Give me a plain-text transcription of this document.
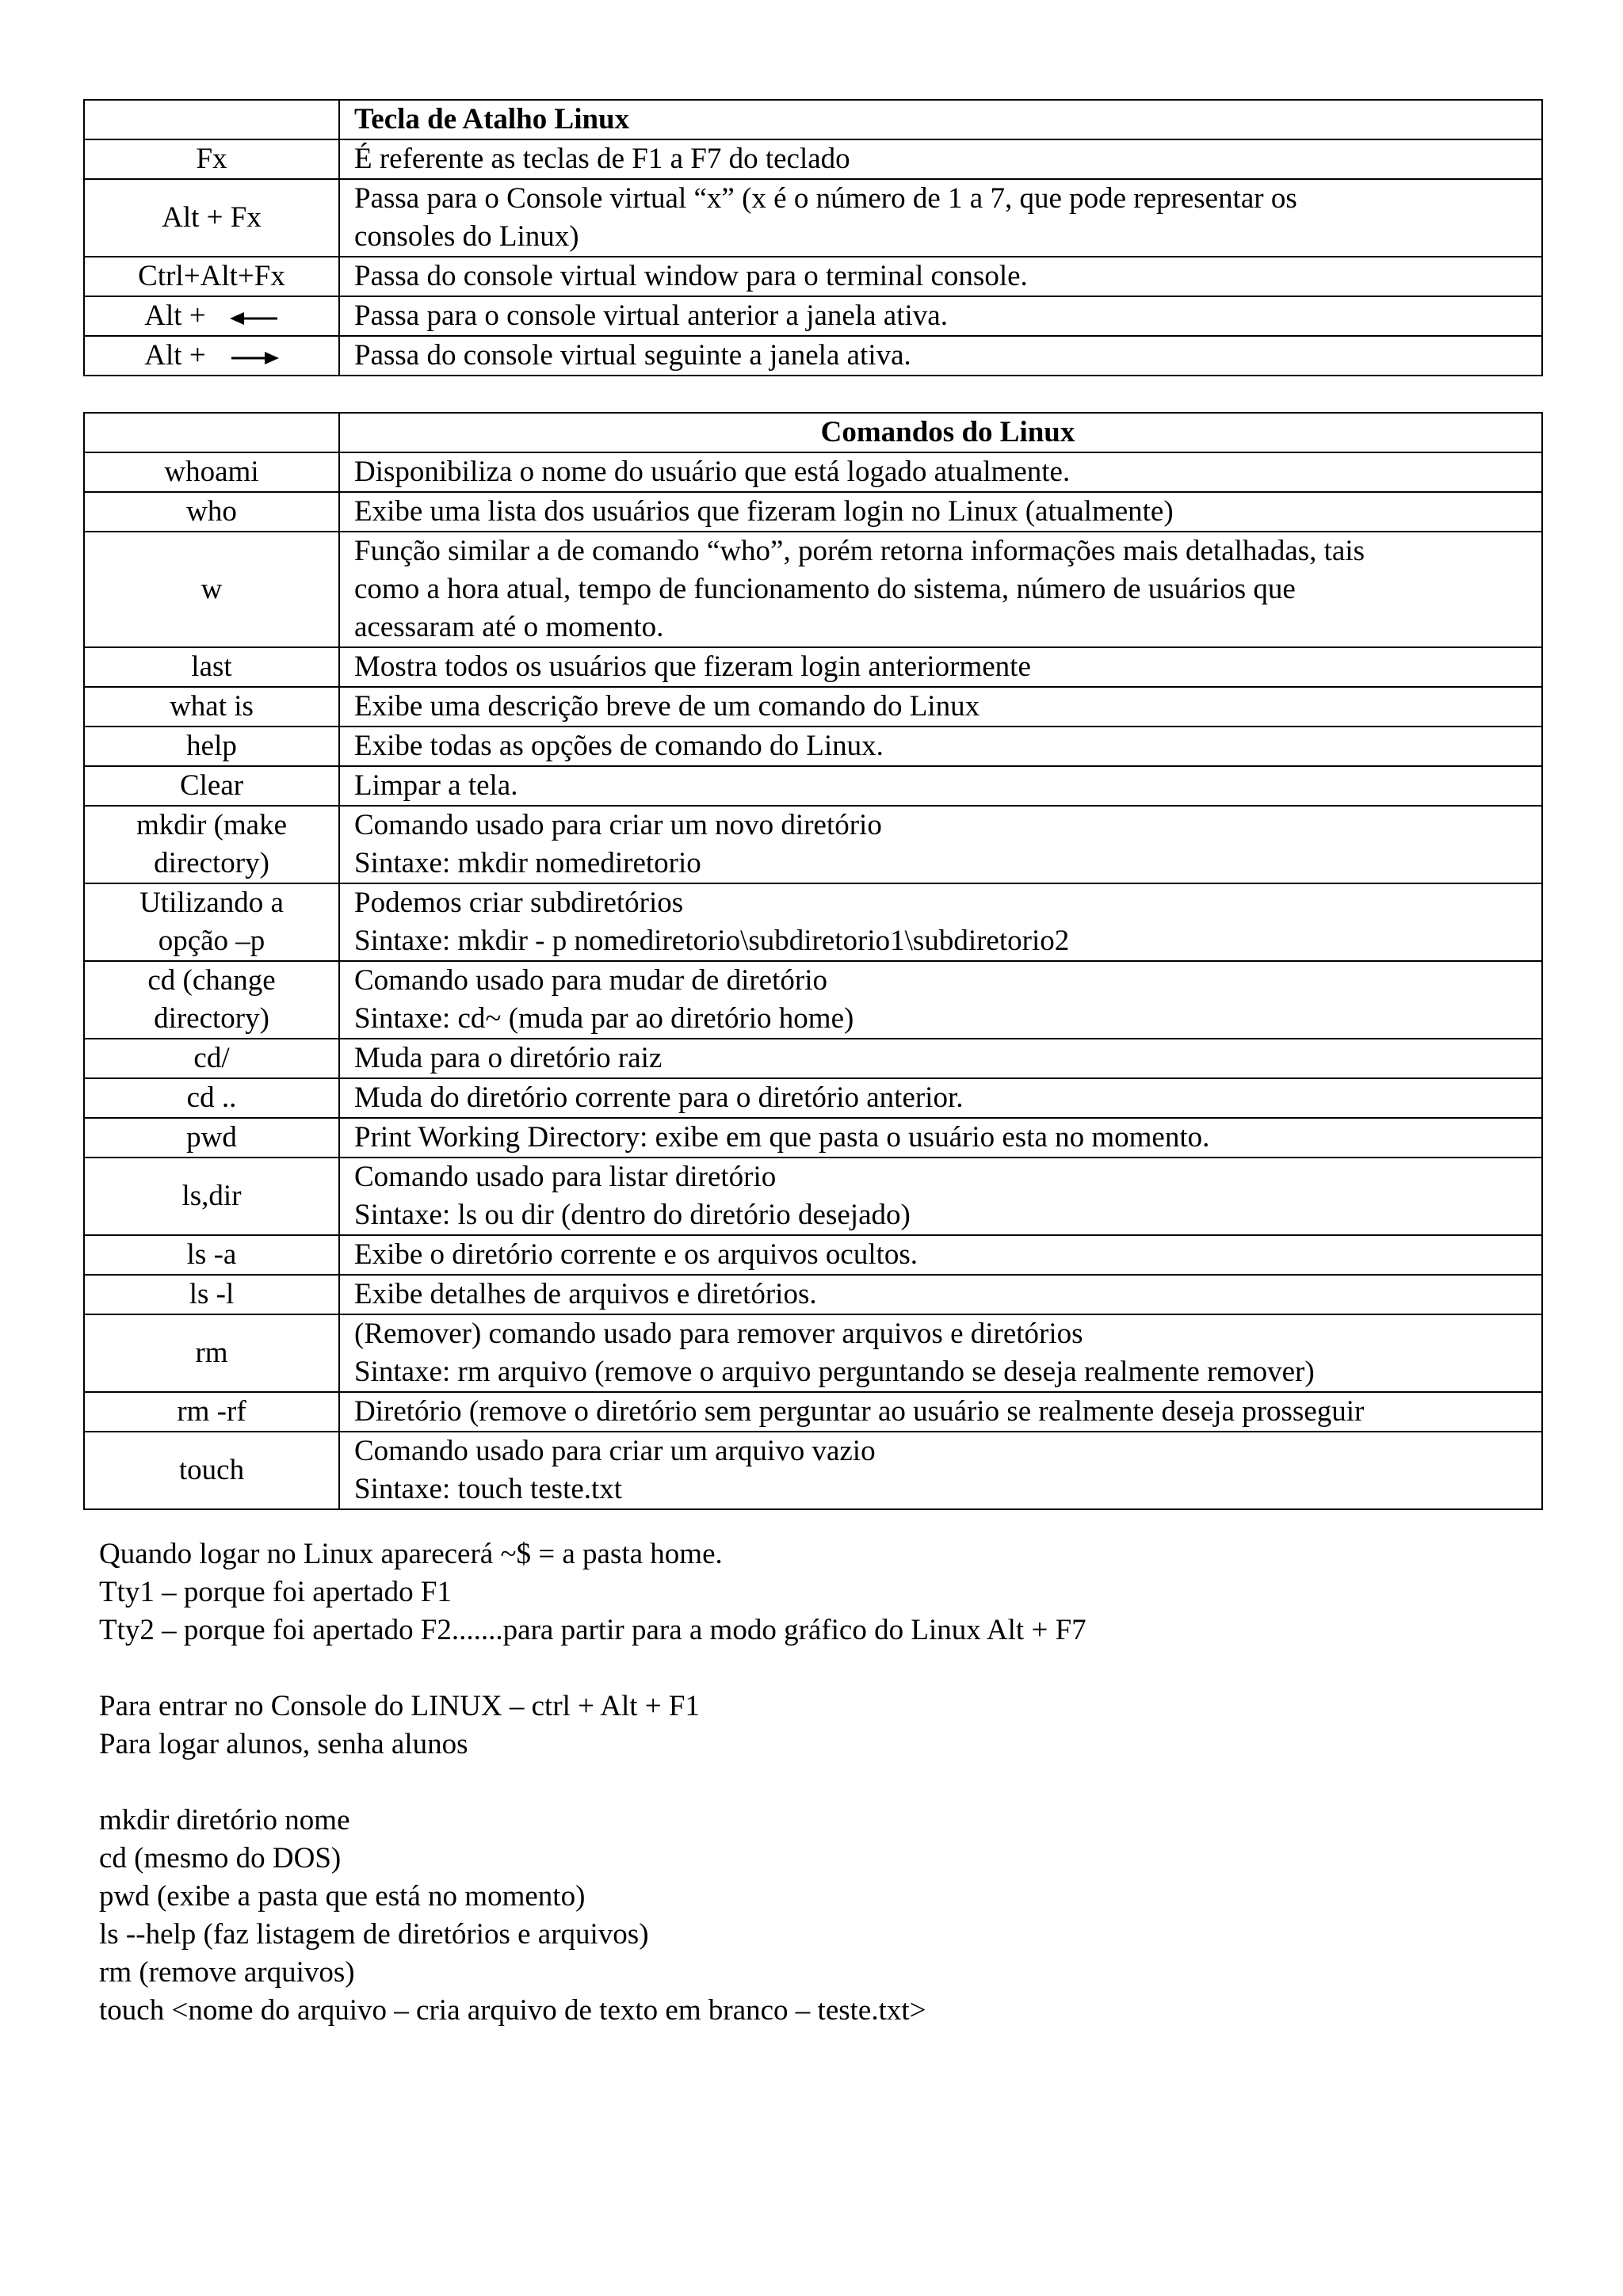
	Tecla de Atalho Linux
Fx	É referente as teclas de F1 a F7 do teclado
Alt + Fx	Passa para o Console virtual “x” (x é o número de 1 a 7, que pode representar os
consoles do Linux)
Ctrl+Alt+Fx	Passa do console virtual window para o terminal console.
Alt +	Passa para o console virtual anterior a janela ativa.
Alt +	Passa do console virtual seguinte a janela ativa.
	Comandos do Linux
whoami	Disponibiliza o nome do usuário que está logado atualmente.
who	Exibe uma lista dos usuários que fizeram login no Linux (atualmente)
w	Função similar a de comando “who”, porém retorna informações mais detalhadas, tais
como a hora atual, tempo de funcionamento do sistema, número de usuários que
acessaram até o momento.
last	Mostra todos os usuários que fizeram login anteriormente
what is	Exibe uma descrição breve de um comando do Linux
help	Exibe todas as opções de comando do Linux.
Clear	Limpar a tela.
mkdir (make
directory)	Comando usado para criar um novo diretório
Sintaxe: mkdir nomediretorio
Utilizando a
opção –p	Podemos criar subdiretórios
Sintaxe: mkdir - p nomediretorio\subdiretorio1\subdiretorio2
cd (change
directory)	Comando usado para mudar de diretório
Sintaxe: cd~ (muda par ao diretório home)
cd/	Muda para o diretório raiz
cd ..	Muda do diretório corrente para o diretório anterior.
pwd	Print Working Directory: exibe em que pasta o usuário esta no momento.
ls,dir	Comando usado para listar diretório
Sintaxe: ls ou dir (dentro do diretório desejado)
ls -a	Exibe o diretório corrente e os arquivos ocultos.
ls -l	Exibe detalhes de arquivos e diretórios.
rm	(Remover) comando usado para remover arquivos e diretórios
Sintaxe: rm arquivo (remove o arquivo perguntando se deseja realmente remover)
rm -rf	Diretório (remove o diretório sem perguntar ao usuário se realmente deseja prosseguir
touch	Comando usado para criar um arquivo vazio
Sintaxe: touch teste.txt

Quando logar no Linux aparecerá ~$ = a pasta home.

Tty1 – porque foi apertado F1

Tty2 – porque foi apertado F2.......para partir para a modo gráfico do Linux Alt + F7

Para entrar no Console do LINUX – ctrl + Alt + F1

Para logar alunos, senha alunos

mkdir diretório nome

cd (mesmo do DOS)

pwd (exibe a pasta que está no momento)

ls --help (faz listagem de diretórios e arquivos)

rm (remove arquivos)

touch <nome do arquivo – cria arquivo de texto em branco – teste.txt>
